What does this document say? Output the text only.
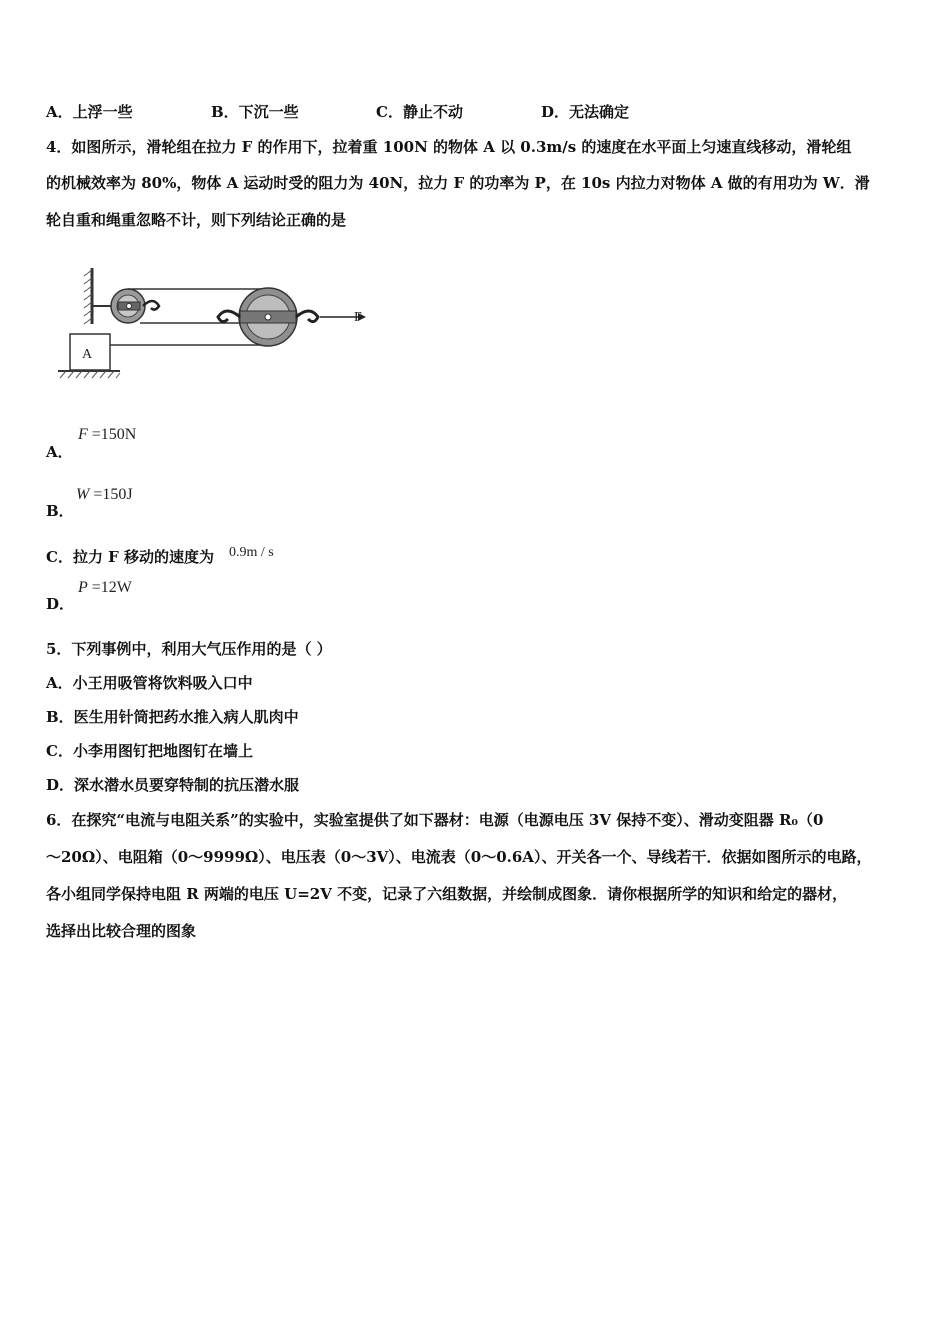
A．上浮一些	B．下沉一些	C．静止不动	D．无法确定
4．如图所示，滑轮组在拉力 F 的作用下，拉着重 100N 的物体 A 以 0.3m/s 的速度在水平面上匀速直线移动，滑轮组
的机械效率为 80%，物体 A 运动时受的阻力为 40N，拉力 F 的功率为 P，在 10s 内拉力对物体 A 做的有用功为 W．滑
轮自重和绳重忽略不计，则下列结论正确的是
F
A
A．
F =150N
B．
W =150J
C．拉力 F 移动的速度为 0.9m / s
D．
P =12W
5．下列事例中，利用大气压作用的是（ ）
A．小王用吸管将饮料吸入口中
B．医生用针筒把药水推入病人肌肉中
C．小李用图钉把地图钉在墙上
D．深水潜水员要穿特制的抗压潜水服
6．在探究“电流与电阻关系”的实验中，实验室提供了如下器材：电源（电源电压 3V 保持不变）、滑动变阻器 R₀（0
～20Ω）、电阻箱（0～9999Ω）、电压表（0～3V）、电流表（0～0.6A）、开关各一个、导线若干．依据如图所示的电路，
各小组同学保持电阻 R 两端的电压 U=2V 不变，记录了六组数据，并绘制成图象．请你根据所学的知识和给定的器材，
选择出比较合理的图象
